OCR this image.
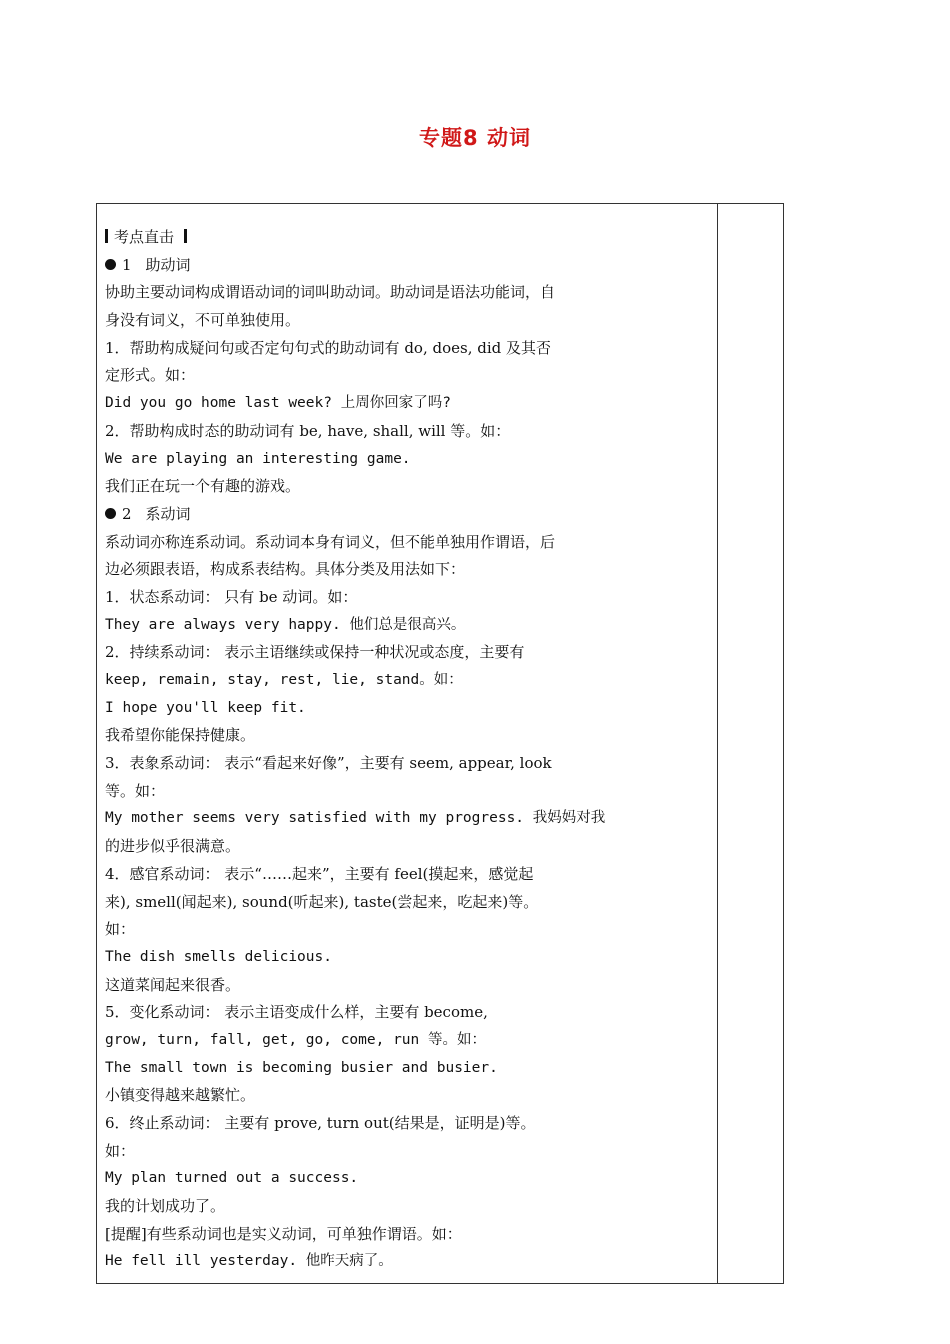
专题8 动词
考点直击
1 助动词
协助主要动词构成谓语动词的词叫助动词。助动词是语法功能词，自
身没有词义，不可单独使用。
1．帮助构成疑问句或否定句句式的助动词有 do, does, did 及其否
定形式。如：
Did you go home last week? 上周你回家了吗?
2．帮助构成时态的助动词有 be, have, shall, will 等。如：
We are playing an interesting game.
我们正在玩一个有趣的游戏。
2 系动词
系动词亦称连系动词。系动词本身有词义，但不能单独用作谓语，后
边必须跟表语，构成系表结构。具体分类及用法如下：
1．状态系动词： 只有 be 动词。如：
They are always very happy. 他们总是很高兴。
2．持续系动词： 表示主语继续或保持一种状况或态度，主要有
keep, remain, stay, rest, lie, stand。如：
I hope you'll keep fit.
我希望你能保持健康。
3．表象系动词： 表示“看起来好像”，主要有 seem, appear, look
等。如：
My mother seems very satisfied with my progress. 我妈妈对我
的进步似乎很满意。
4．感官系动词： 表示“……起来”，主要有 feel(摸起来，感觉起
来), smell(闻起来), sound(听起来), taste(尝起来，吃起来)等。
如：
The dish smells delicious.
这道菜闻起来很香。
5．变化系动词： 表示主语变成什么样，主要有 become,
grow, turn, fall, get, go, come, run 等。如：
The small town is becoming busier and busier.
小镇变得越来越繁忙。
6．终止系动词： 主要有 prove, turn out(结果是，证明是)等。
如：
My plan turned out a success.
我的计划成功了。
[提醒]有些系动词也是实义动词，可单独作谓语。如：
He fell ill yesterday. 他昨天病了。
